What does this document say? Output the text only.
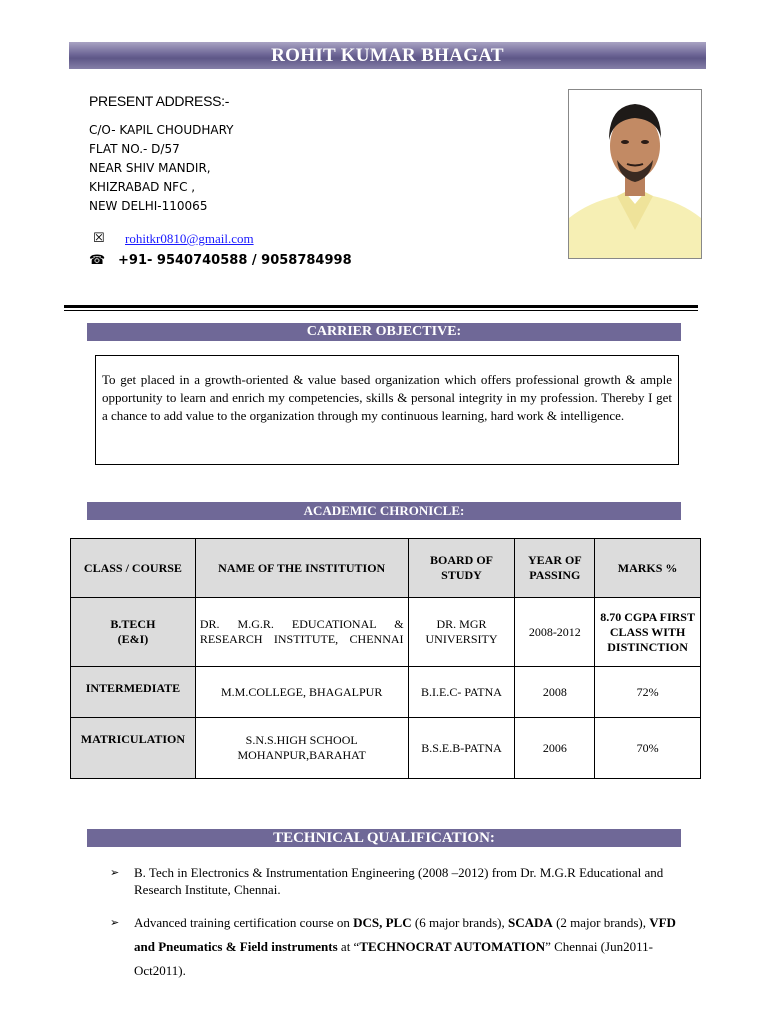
ROHIT KUMAR BHAGAT
PRESENT ADDRESS:-
C/O- KAPIL CHOUDHARY
FLAT NO.- D/57
NEAR SHIV MANDIR,
KHIZRABAD NFC ,
NEW DELHI-110065
☒ rohitkr0810@gmail.com
☎ +91- 9540740588 / 9058784998
CARRIER OBJECTIVE:
To get placed in a growth-oriented & value based organization which offers professional growth & ample opportunity to learn and enrich my competencies, skills & personal integrity in my profession. Thereby I get a chance to add value to the organization through my continuous learning, hard work & intelligence.
ACADEMIC CHRONICLE:
CLASS / COURSE	NAME OF THE INSTITUTION	BOARD OF STUDY	YEAR OF PASSING	MARKS %
B.TECH (E&I)	DR. M.G.R. EDUCATIONAL & RESEARCH INSTITUTE, CHENNAI	DR. MGR UNIVERSITY	2008-2012	8.70 CGPA FIRST CLASS WITH DISTINCTION
INTERMEDIATE	M.M.COLLEGE, BHAGALPUR	B.I.E.C- PATNA	2008	72%
MATRICULATION	S.N.S.HIGH SCHOOL MOHANPUR,BARAHAT	B.S.E.B-PATNA	2006	70%
TECHNICAL QUALIFICATION:
➢ B. Tech in Electronics & Instrumentation Engineering (2008 –2012) from Dr. M.G.R Educational and Research Institute, Chennai.
➢ Advanced training certification course on DCS, PLC (6 major brands), SCADA (2 major brands), VFD and Pneumatics & Field instruments at “TECHNOCRAT AUTOMATION” Chennai (Jun2011- Oct2011).
